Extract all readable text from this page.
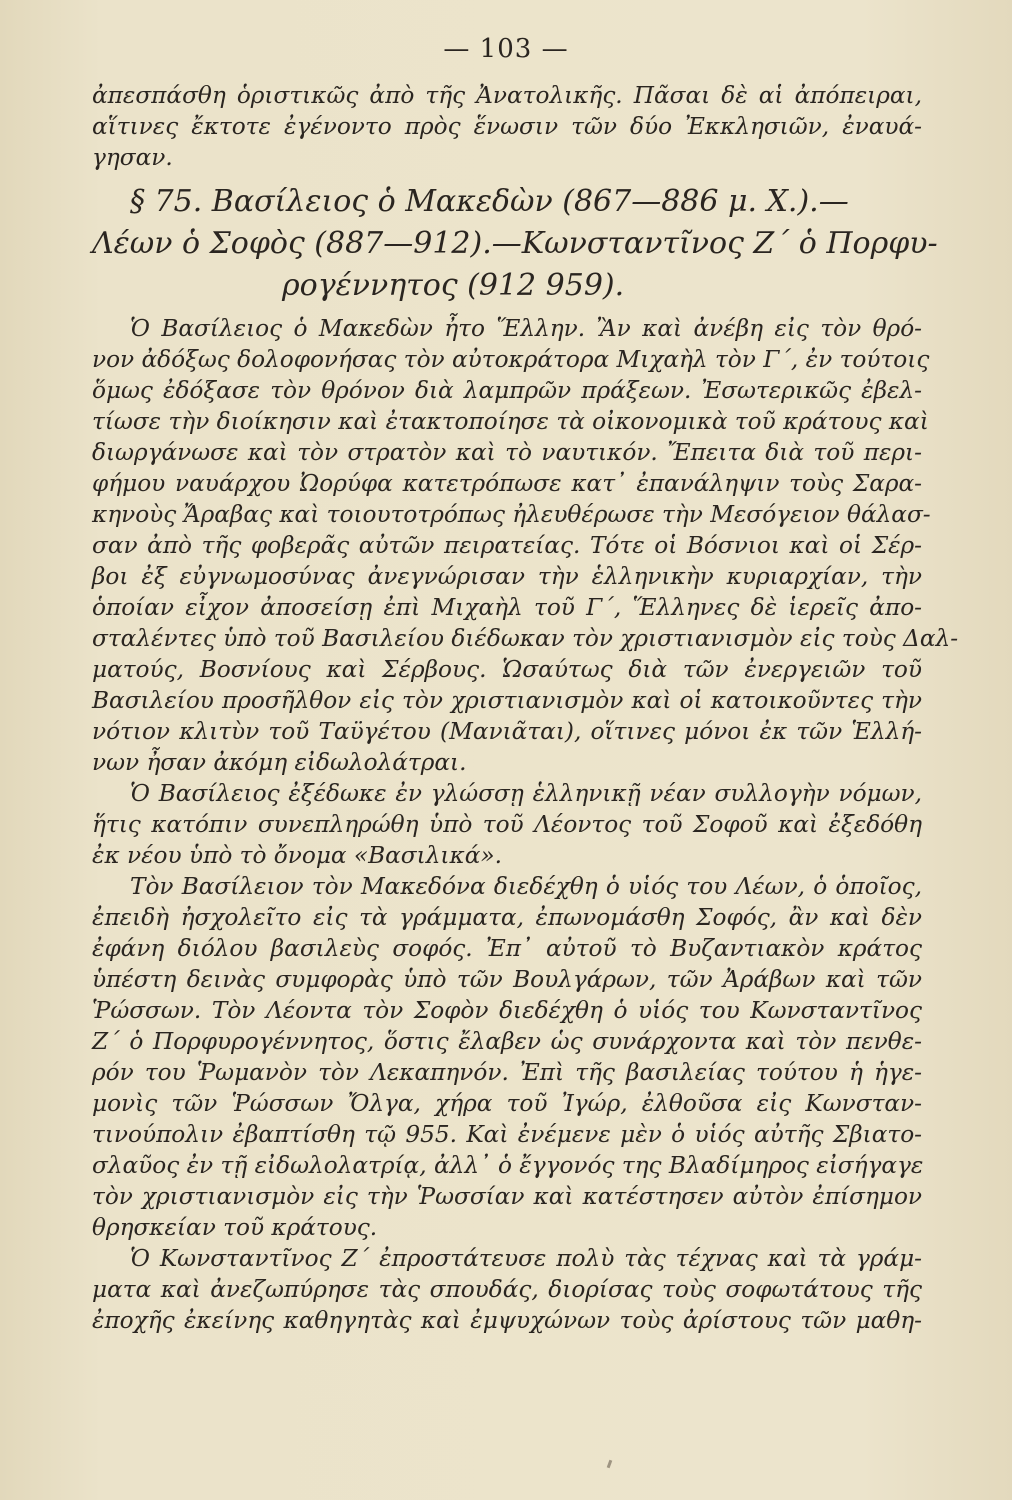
— 103 —
ἀπεσπάσθη ὁριστικῶς ἀπὸ τῆς Ἀνατολικῆς. Πᾶσαι δὲ αἱ ἀπόπειραι,
αἵτινες ἔκτοτε ἐγένοντο πρὸς ἕνωσιν τῶν δύο Ἐκκλησιῶν, ἐναυά-
γησαν.
§ 75. Βασίλειος ὁ Μακεδὼν (867—886 μ. Χ.).—
Λέων ὁ Σοφὸς (887—912).—Κωνσταντῖνος Ζ΄ ὁ Πορφυ-
ρογέννητος (912 959).
Ὁ Βασίλειος ὁ Μακεδὼν ἦτο Ἕλλην. Ἂν καὶ ἀνέβη εἰς τὸν θρό-
νον ἀδόξως δολοφονήσας τὸν αὐτοκράτορα Μιχαὴλ τὸν Γ΄, ἐν τούτοις
ὅμως ἐδόξασε τὸν θρόνον διὰ λαμπρῶν πράξεων. Ἐσωτερικῶς ἐβελ-
τίωσε τὴν διοίκησιν καὶ ἐτακτοποίησε τὰ οἰκονομικὰ τοῦ κράτους καὶ
διωργάνωσε καὶ τὸν στρατὸν καὶ τὸ ναυτικόν. Ἔπειτα διὰ τοῦ περι-
φήμου ναυάρχου Ὠορύφα κατετρόπωσε κατ᾿ ἐπανάληψιν τοὺς Σαρα-
κηνοὺς Ἄραβας καὶ τοιουτοτρόπως ἠλευθέρωσε τὴν Μεσόγειον θάλασ-
σαν ἀπὸ τῆς φοβερᾶς αὐτῶν πειρατείας. Τότε οἱ Βόσνιοι καὶ οἱ Σέρ-
βοι ἐξ εὐγνωμοσύνας ἀνεγνώρισαν τὴν ἑλληνικὴν κυριαρχίαν, τὴν
ὁποίαν εἶχον ἀποσείσῃ ἐπὶ Μιχαὴλ τοῦ Γ΄, Ἕλληνες δὲ ἱερεῖς ἀπο-
σταλέντες ὑπὸ τοῦ Βασιλείου διέδωκαν τὸν χριστιανισμὸν εἰς τοὺς Δαλ-
ματούς, Βοσνίους καὶ Σέρβους. Ὡσαύτως διὰ τῶν ἐνεργειῶν τοῦ
Βασιλείου προσῆλθον εἰς τὸν χριστιανισμὸν καὶ οἱ κατοικοῦντες τὴν
νότιον κλιτὺν τοῦ Ταϋγέτου (Μανιᾶται), οἵτινες μόνοι ἐκ τῶν Ἑλλή-
νων ἦσαν ἀκόμη εἰδωλολάτραι.
Ὁ Βασίλειος ἐξέδωκε ἐν γλώσσῃ ἑλληνικῇ νέαν συλλογὴν νόμων,
ἥτις κατόπιν συνεπληρώθη ὑπὸ τοῦ Λέοντος τοῦ Σοφοῦ καὶ ἐξεδόθη
ἐκ νέου ὑπὸ τὸ ὄνομα «Βασιλικά».
Τὸν Βασίλειον τὸν Μακεδόνα διεδέχθη ὁ υἱός του Λέων, ὁ ὁποῖος,
ἐπειδὴ ἠσχολεῖτο εἰς τὰ γράμματα, ἐπωνομάσθη Σοφός, ἂν καὶ δὲν
ἐφάνη διόλου βασιλεὺς σοφός. Ἐπ᾿ αὐτοῦ τὸ Βυζαντιακὸν κράτος
ὑπέστη δεινὰς συμφορὰς ὑπὸ τῶν Βουλγάρων, τῶν Ἀράβων καὶ τῶν
Ῥώσσων. Τὸν Λέοντα τὸν Σοφὸν διεδέχθη ὁ υἱός του Κωνσταντῖνος
Ζ΄ ὁ Πορφυρογέννητος, ὅστις ἔλαβεν ὡς συνάρχοντα καὶ τὸν πενθε-
ρόν του Ῥωμανὸν τὸν Λεκαπηνόν. Ἐπὶ τῆς βασιλείας τούτου ἡ ἡγε-
μονὶς τῶν Ῥώσσων Ὄλγα, χήρα τοῦ Ἰγώρ, ἐλθοῦσα εἰς Κωνσταν-
τινούπολιν ἐβαπτίσθη τῷ 955. Καὶ ἐνέμενε μὲν ὁ υἱός αὐτῆς Σβιατο-
σλαῦος ἐν τῇ εἰδωλολατρίᾳ, ἀλλ᾿ ὁ ἔγγονός της Βλαδίμηρος εἰσήγαγε
τὸν χριστιανισμὸν εἰς τὴν Ῥωσσίαν καὶ κατέστησεν αὐτὸν ἐπίσημον
θρησκείαν τοῦ κράτους.
Ὁ Κωνσταντῖνος Ζ΄ ἐπροστάτευσε πολὺ τὰς τέχνας καὶ τὰ γράμ-
ματα καὶ ἀνεζωπύρησε τὰς σπουδάς, διορίσας τοὺς σοφωτάτους τῆς
ἐποχῆς ἐκείνης καθηγητὰς καὶ ἐμψυχώνων τοὺς ἀρίστους τῶν μαθη-
